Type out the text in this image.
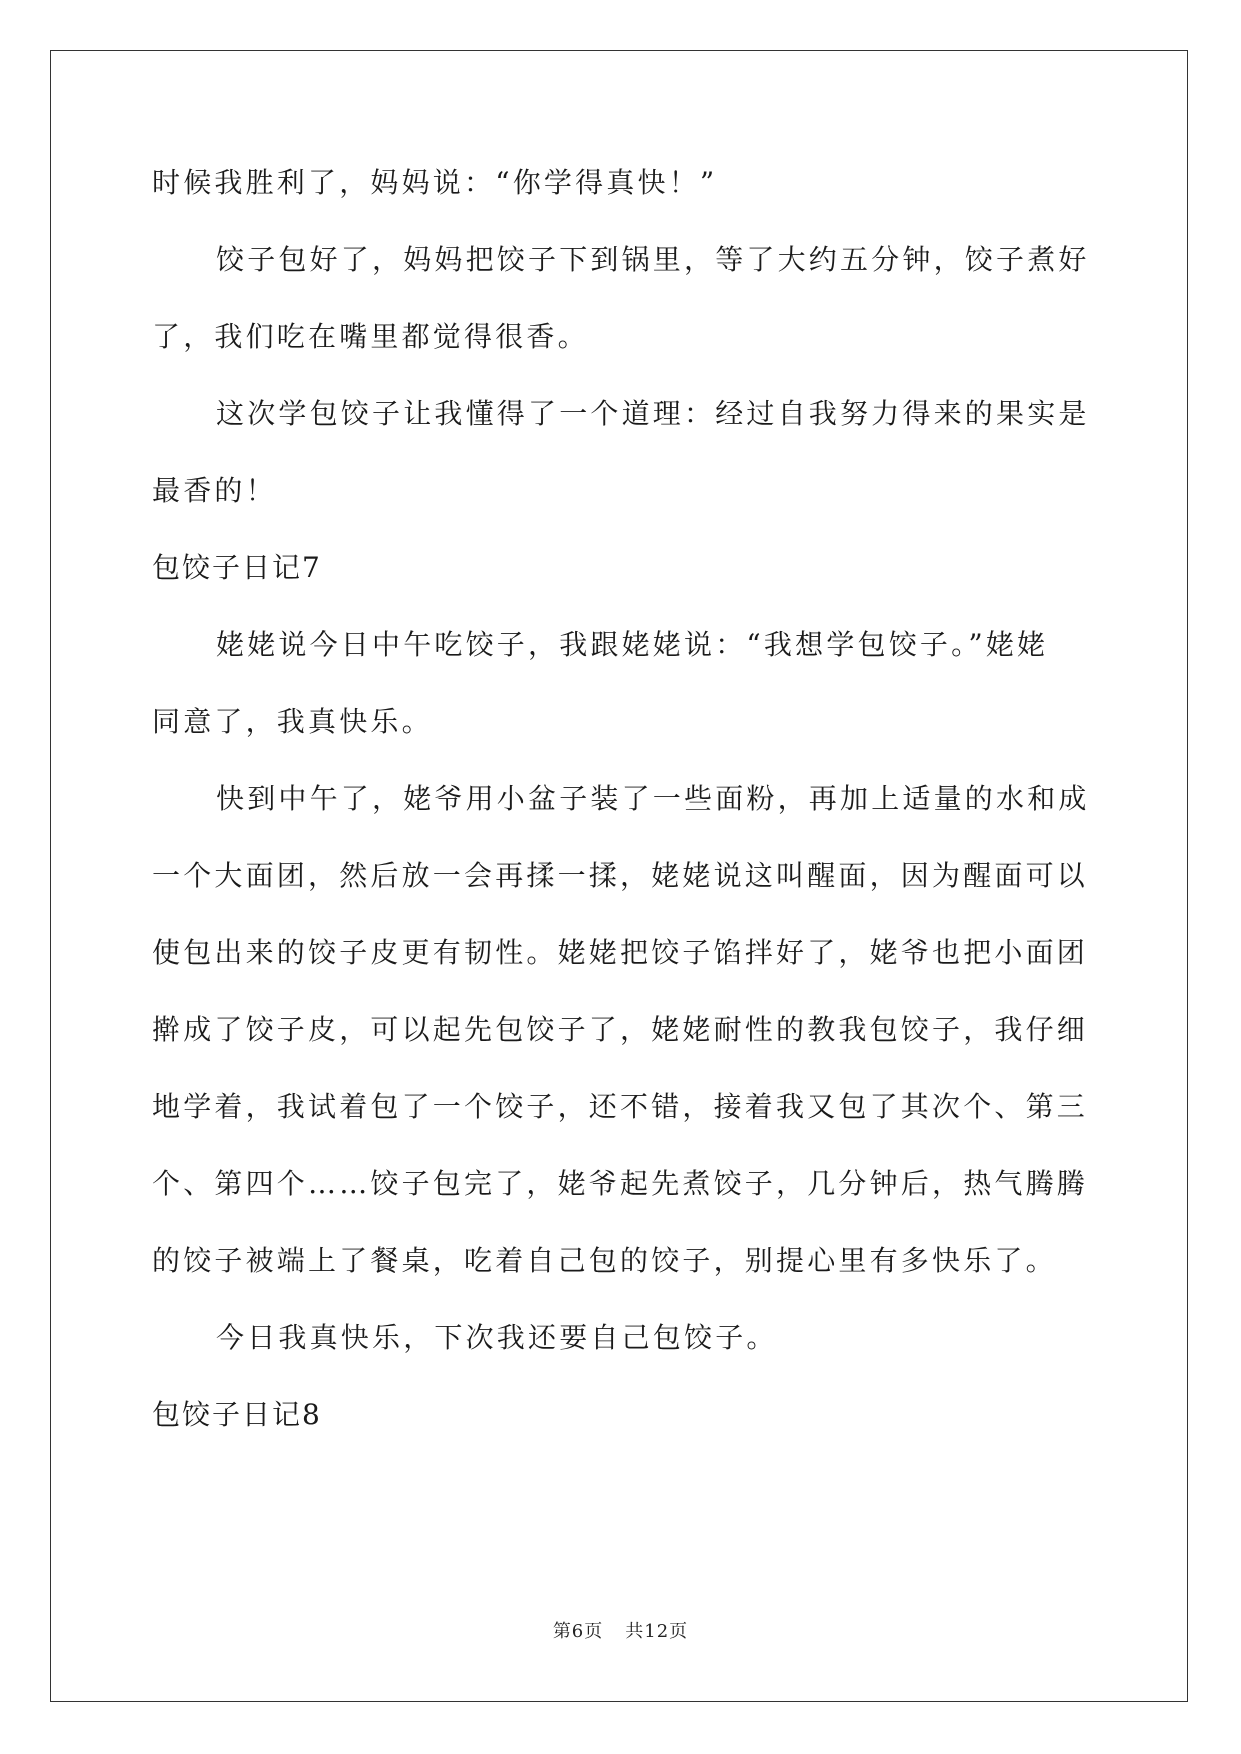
时候我胜利了，妈妈说：“你学得真快！”
饺子包好了，妈妈把饺子下到锅里，等了大约五分钟，饺子煮好
了，我们吃在嘴里都觉得很香。
这次学包饺子让我懂得了一个道理：经过自我努力得来的果实是
最香的！
包饺子日记7
姥姥说今日中午吃饺子，我跟姥姥说：“我想学包饺子。”姥姥
同意了，我真快乐。
快到中午了，姥爷用小盆子装了一些面粉，再加上适量的水和成
一个大面团，然后放一会再揉一揉，姥姥说这叫醒面，因为醒面可以
使包出来的饺子皮更有韧性。姥姥把饺子馅拌好了，姥爷也把小面团
擀成了饺子皮，可以起先包饺子了，姥姥耐性的教我包饺子，我仔细
地学着，我试着包了一个饺子，还不错，接着我又包了其次个、第三
个、第四个……饺子包完了，姥爷起先煮饺子，几分钟后，热气腾腾
的饺子被端上了餐桌，吃着自己包的饺子，别提心里有多快乐了。
今日我真快乐，下次我还要自己包饺子。
包饺子日记8
第6页 共12页
